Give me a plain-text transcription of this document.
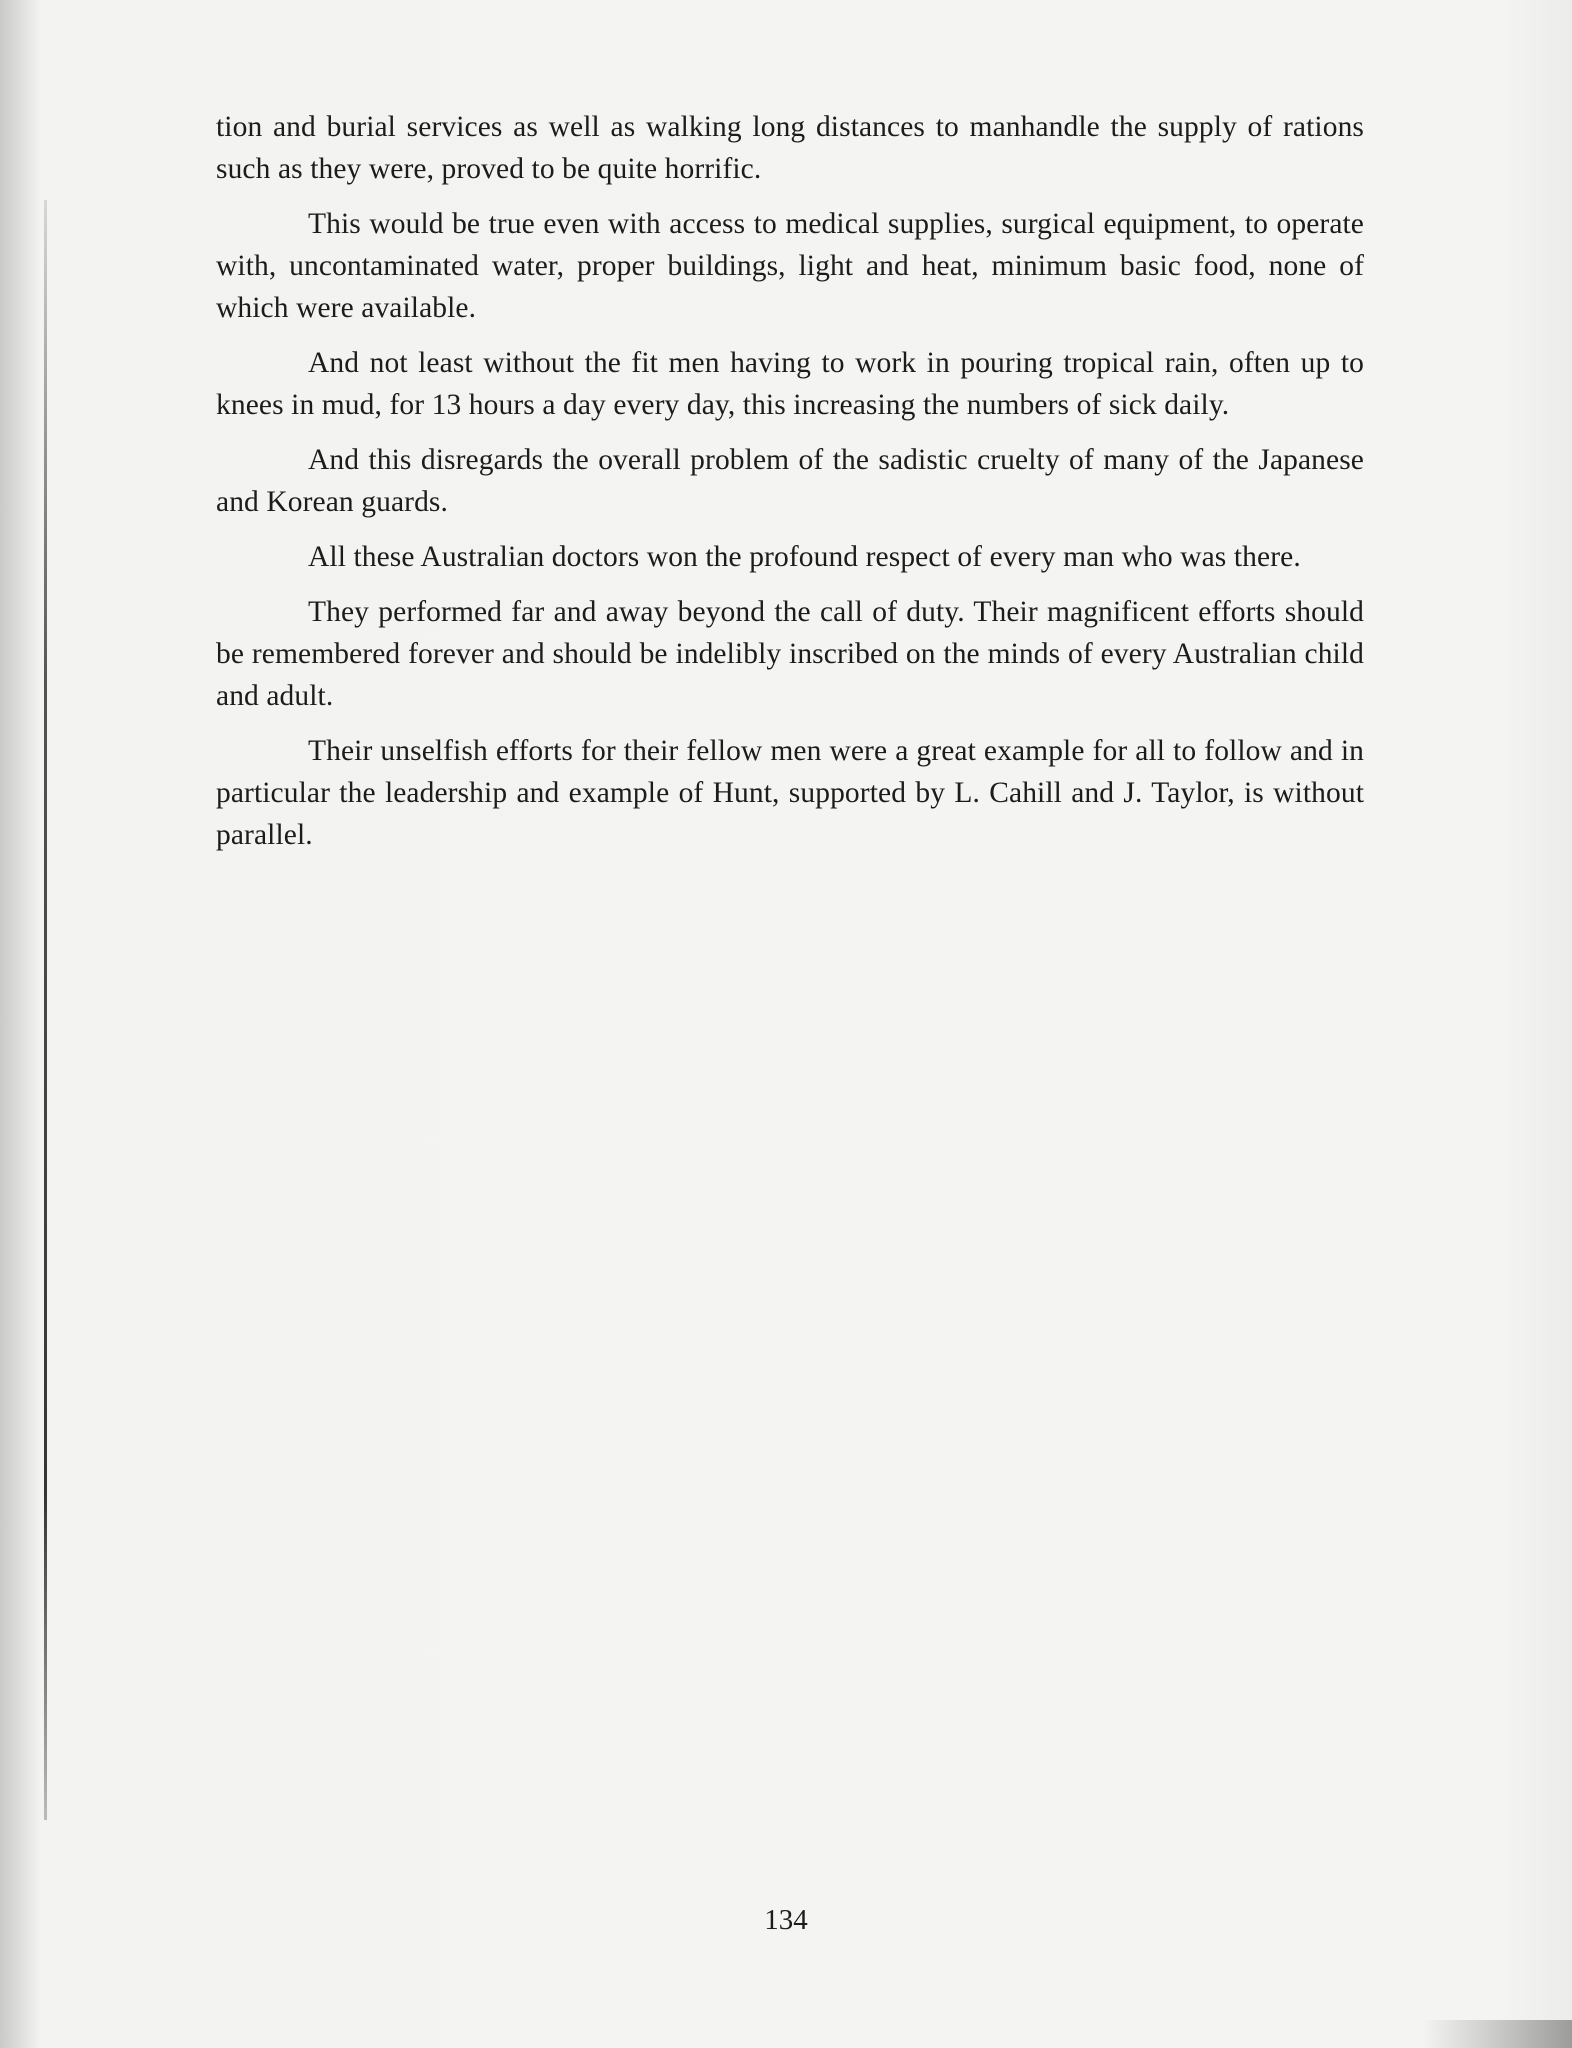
tion and burial services as well as walking long distances to manhandle the supply of rations such as they were, proved to be quite horrific.

This would be true even with access to medical supplies, surgical equipment, to operate with, uncontaminated water, proper buildings, light and heat, minimum basic food, none of which were available.

And not least without the fit men having to work in pouring tropical rain, often up to knees in mud, for 13 hours a day every day, this increasing the numbers of sick daily.

And this disregards the overall problem of the sadistic cruelty of many of the Japanese and Korean guards.

All these Australian doctors won the profound respect of every man who was there.

They performed far and away beyond the call of duty. Their magnificent efforts should be remembered forever and should be indelibly inscribed on the minds of every Australian child and adult.

Their unselfish efforts for their fellow men were a great example for all to follow and in particular the leadership and example of Hunt, supported by L. Cahill and J. Taylor, is without parallel.

134
